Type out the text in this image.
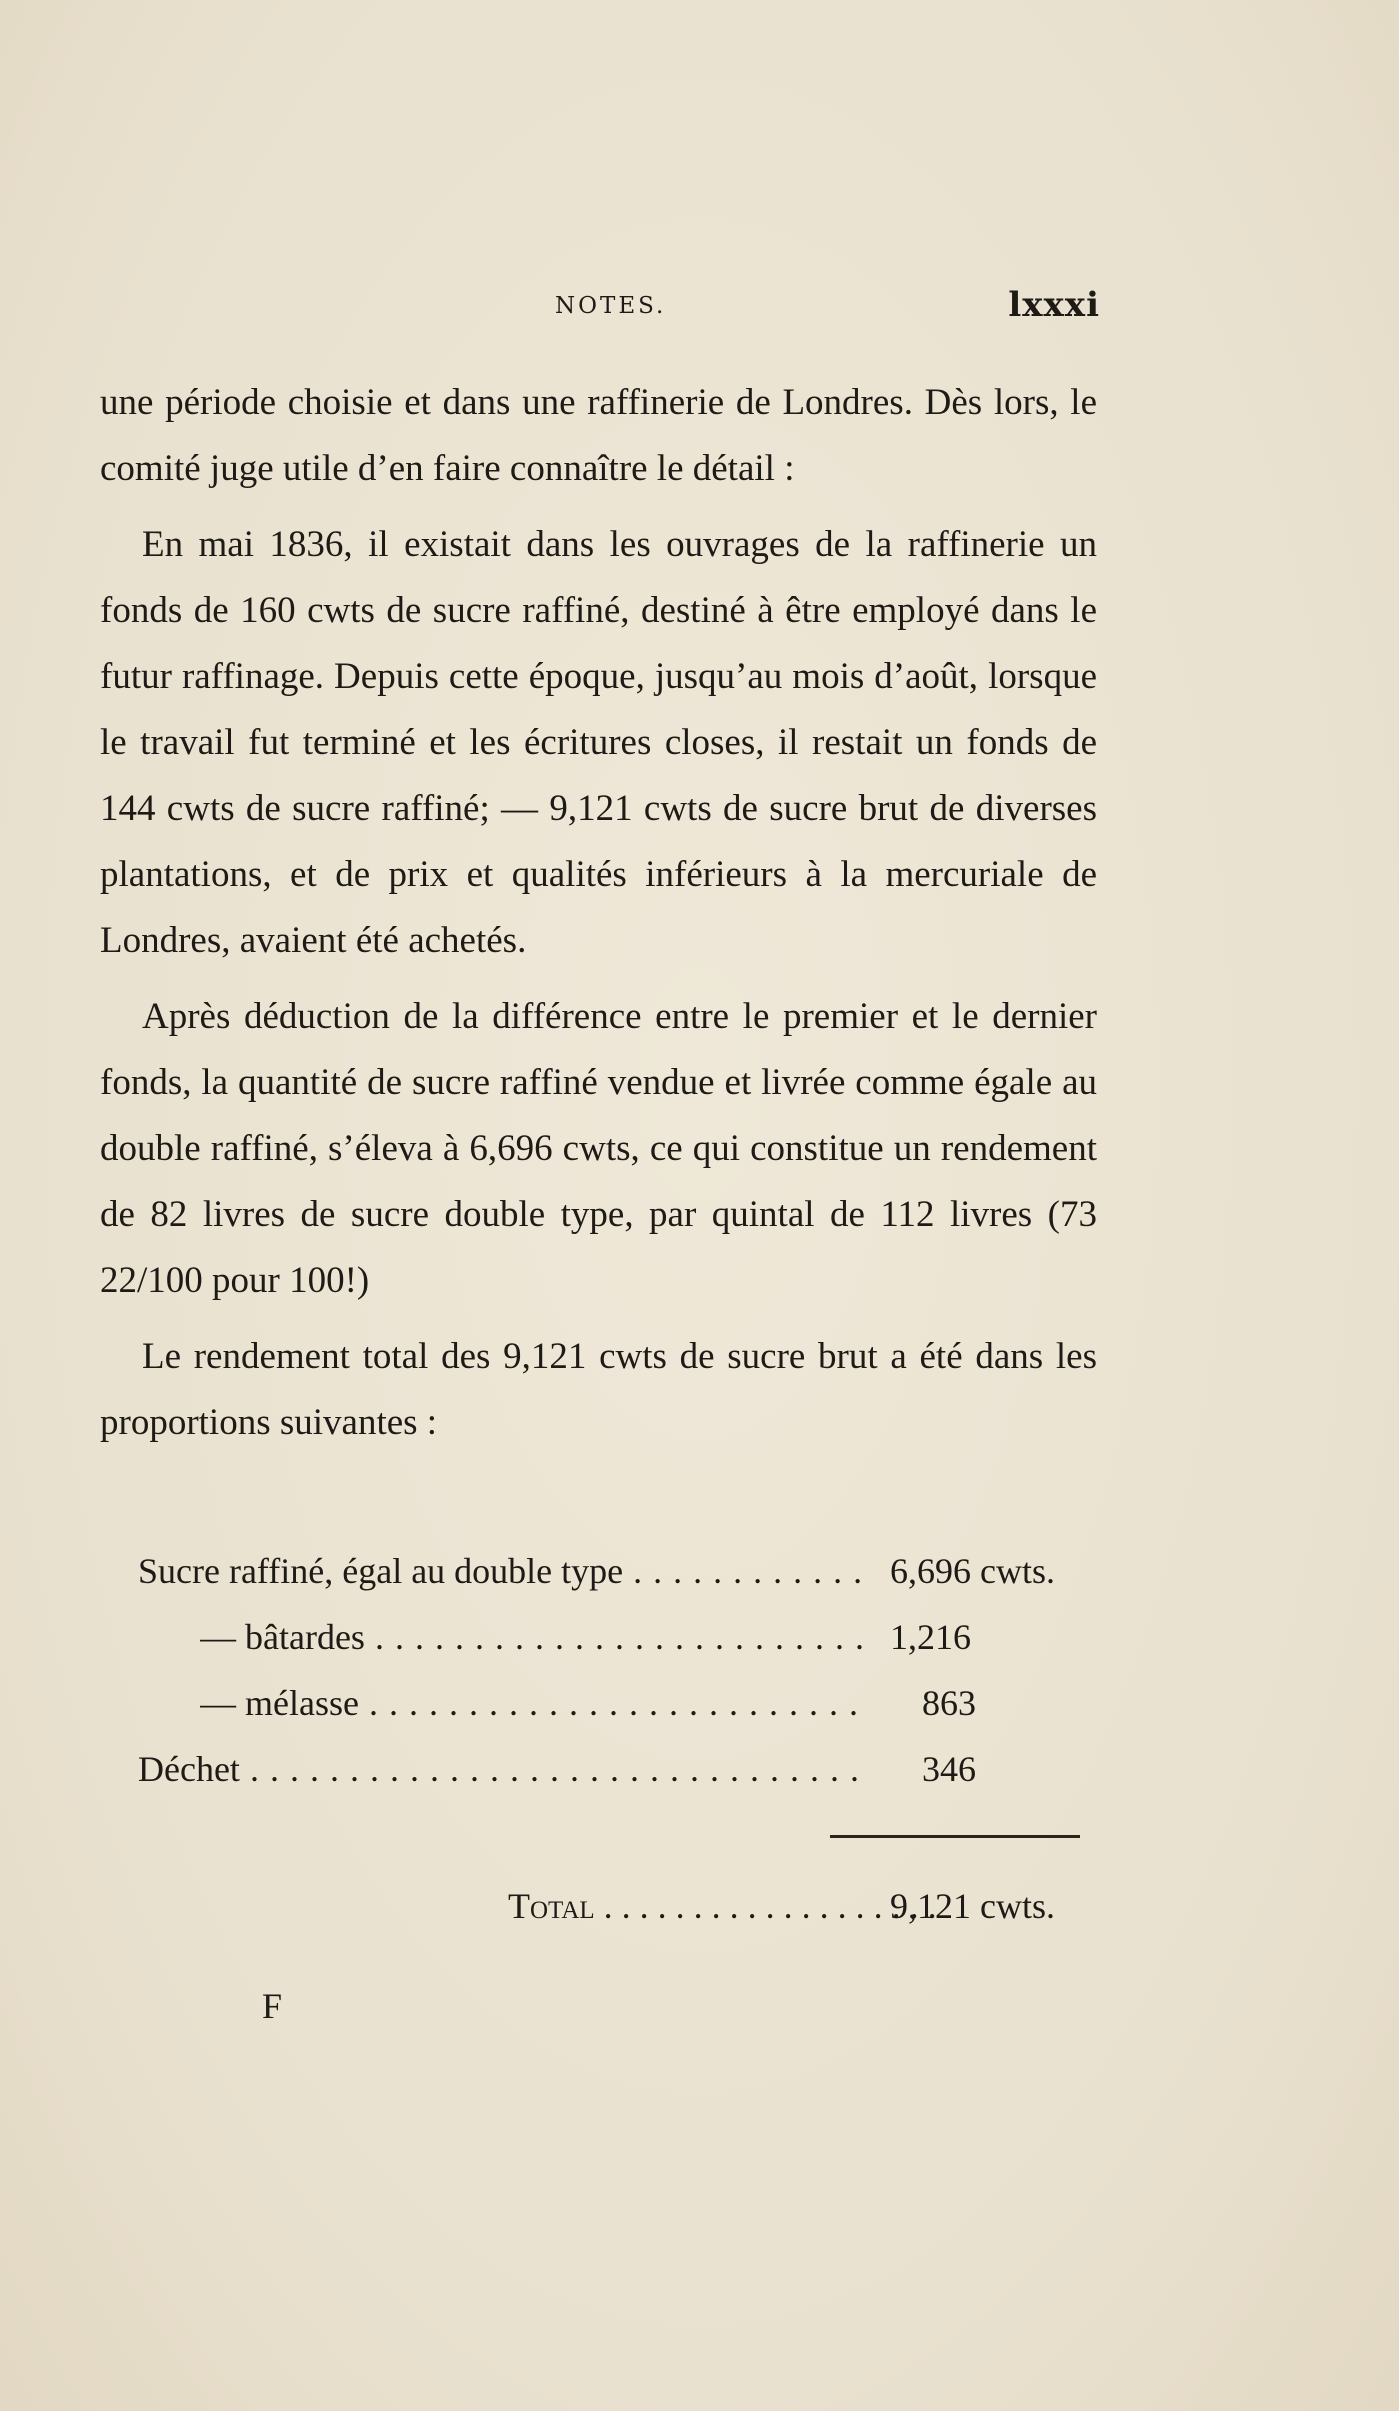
NOTES.	lxxxi

une période choisie et dans une raffinerie de Londres. Dès lors, le comité juge utile d’en faire connaître le détail :

En mai 1836, il existait dans les ouvrages de la raffinerie un fonds de 160 cwts de sucre raffiné, destiné à être employé dans le futur raffinage. Depuis cette époque, jusqu’au mois d’août, lorsque le travail fut terminé et les écritures closes, il restait un fonds de 144 cwts de sucre raffiné; — 9,121 cwts de sucre brut de diverses plantations, et de prix et qualités inférieurs à la mercuriale de Londres, avaient été achetés.

Après déduction de la différence entre le premier et le dernier fonds, la quantité de sucre raffiné vendue et livrée comme égale au double raffiné, s’éleva à 6,696 cwts, ce qui constitue un rendement de 82 livres de sucre double type, par quintal de 112 livres (73 22/100 pour 100!)

Le rendement total des 9,121 cwts de sucre brut a été dans les proportions suivantes :

Sucre raffiné, égal au double type . . .	6,696 cwts.
— bâtardes . . .	1,216
— mélasse . . .	863
Déchet . . .	346
Total . . .	9,121 cwts.
F
